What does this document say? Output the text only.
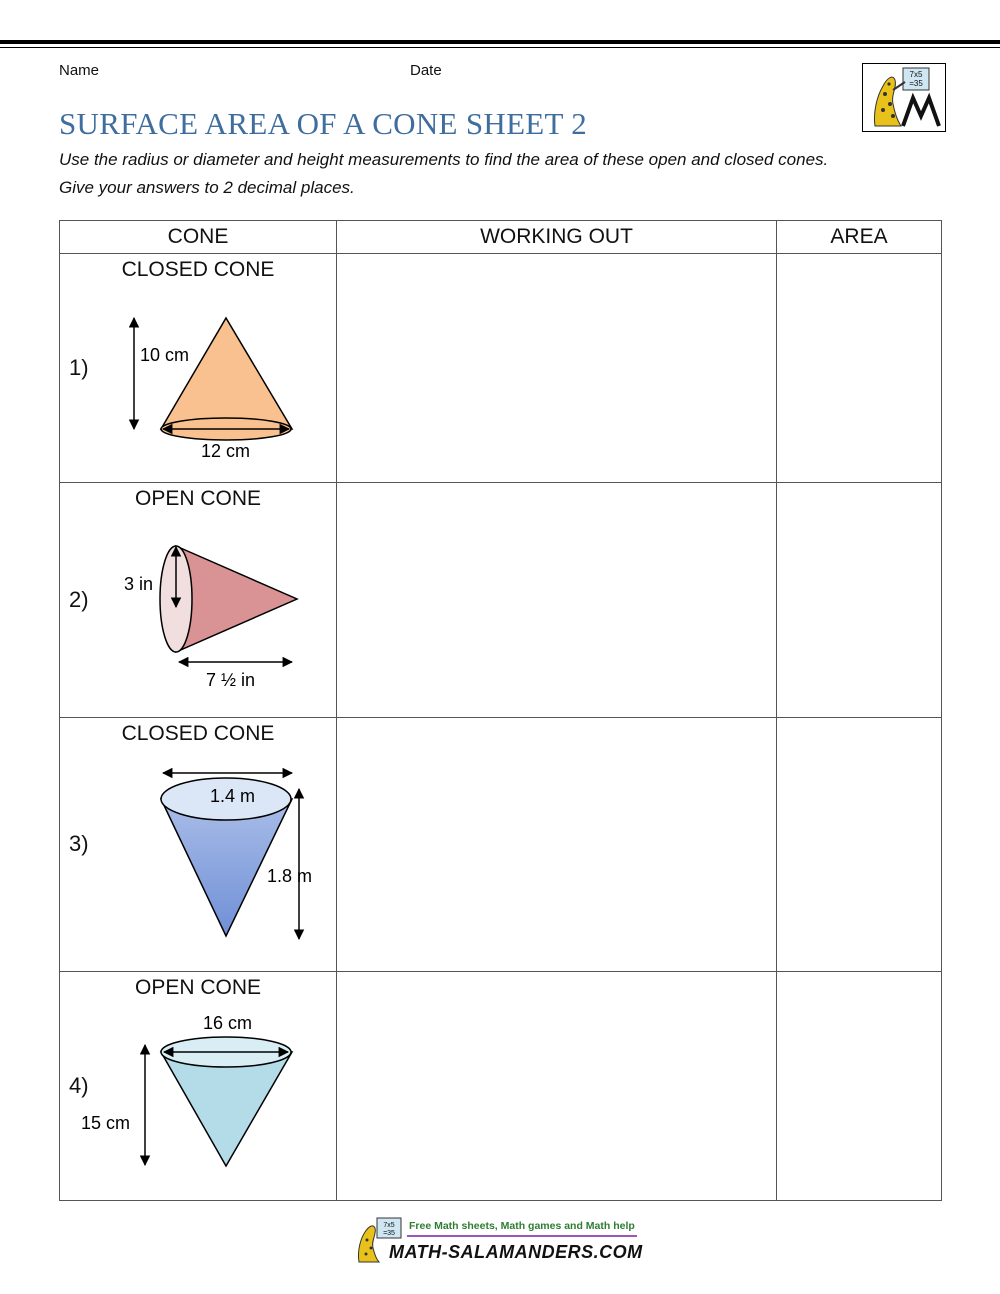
Name	Date	7x5
=35
SURFACE AREA OF A CONE SHEET 2
Use the radius or diameter and height measurements to find the area of these open and closed cones.
Give your answers to 2 decimal places.
CONE	WORKING OUT	AREA

CLOSED CONE
1) 10 cm
12 cm		

OPEN CONE
2)
3 in
7 ½ in		

CLOSED CONE
3)
1.4 m
1.8 m		

OPEN CONE
4)
16 cm
15 cm		

7x5
=35
Free Math sheets, Math games and Math help
MATH-SALAMANDERS.COM
